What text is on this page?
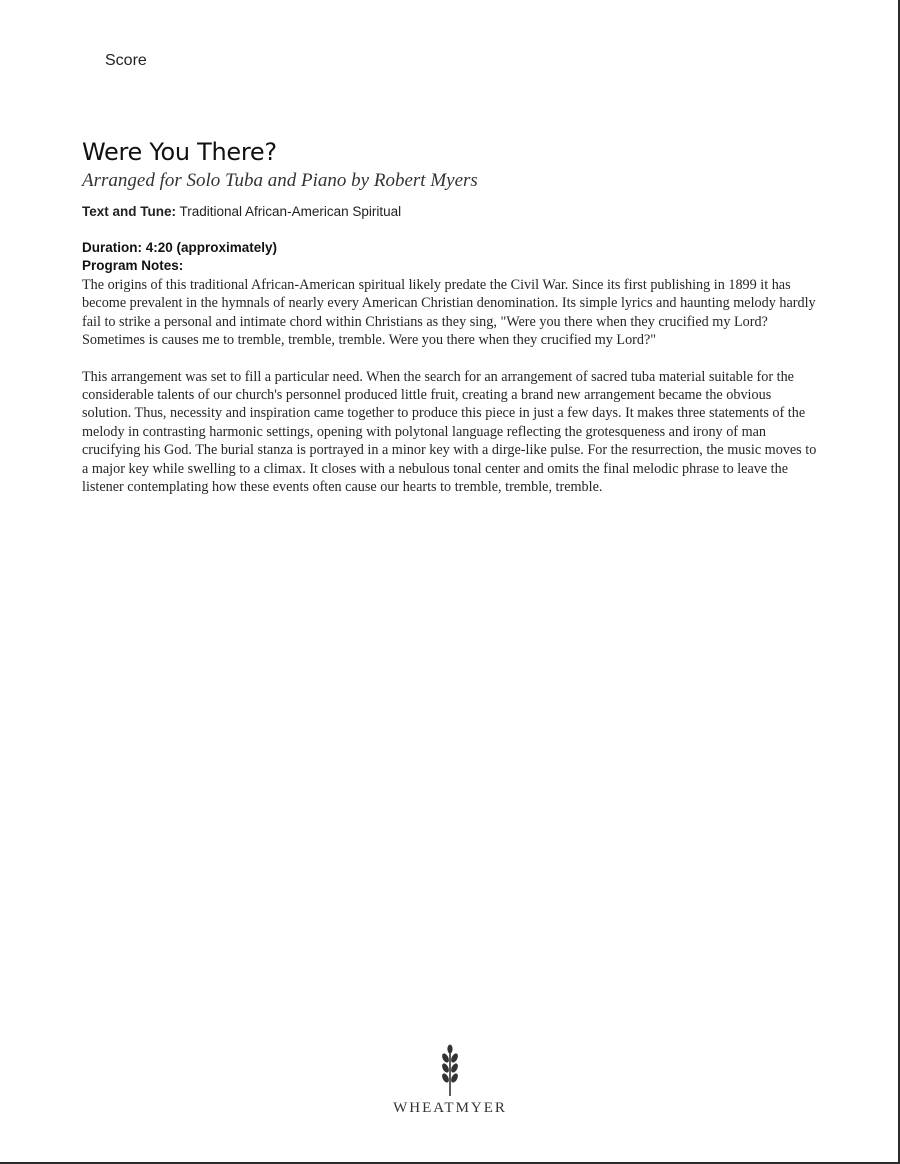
Score
Were You There?
Arranged for Solo Tuba and Piano by Robert Myers
Text and Tune: Traditional African-American Spiritual
Duration: 4:20 (approximately)
Program Notes:

The origins of this traditional African-American spiritual likely predate the Civil War. Since its first publishing in 1899 it has become prevalent in the hymnals of nearly every American Christian denomination. Its simple lyrics and haunting melody hardly fail to strike a personal and intimate chord within Christians as they sing, "Were you there when they crucified my Lord? Sometimes is causes me to tremble, tremble, tremble. Were you there when they crucified my Lord?"

This arrangement was set to fill a particular need. When the search for an arrangement of sacred tuba material suitable for the considerable talents of our church's personnel produced little fruit, creating a brand new arrangement became the obvious solution. Thus, necessity and inspiration came together to produce this piece in just a few days. It makes three statements of the melody in contrasting harmonic settings, opening with polytonal language reflecting the grotesqueness and irony of man crucifying his God. The burial stanza is portrayed in a minor key with a dirge-like pulse. For the resurrection, the music moves to a major key while swelling to a climax. It closes with a nebulous tonal center and omits the final melodic phrase to leave the listener contemplating how these events often cause our hearts to tremble, tremble, tremble.

WHEATMYER
